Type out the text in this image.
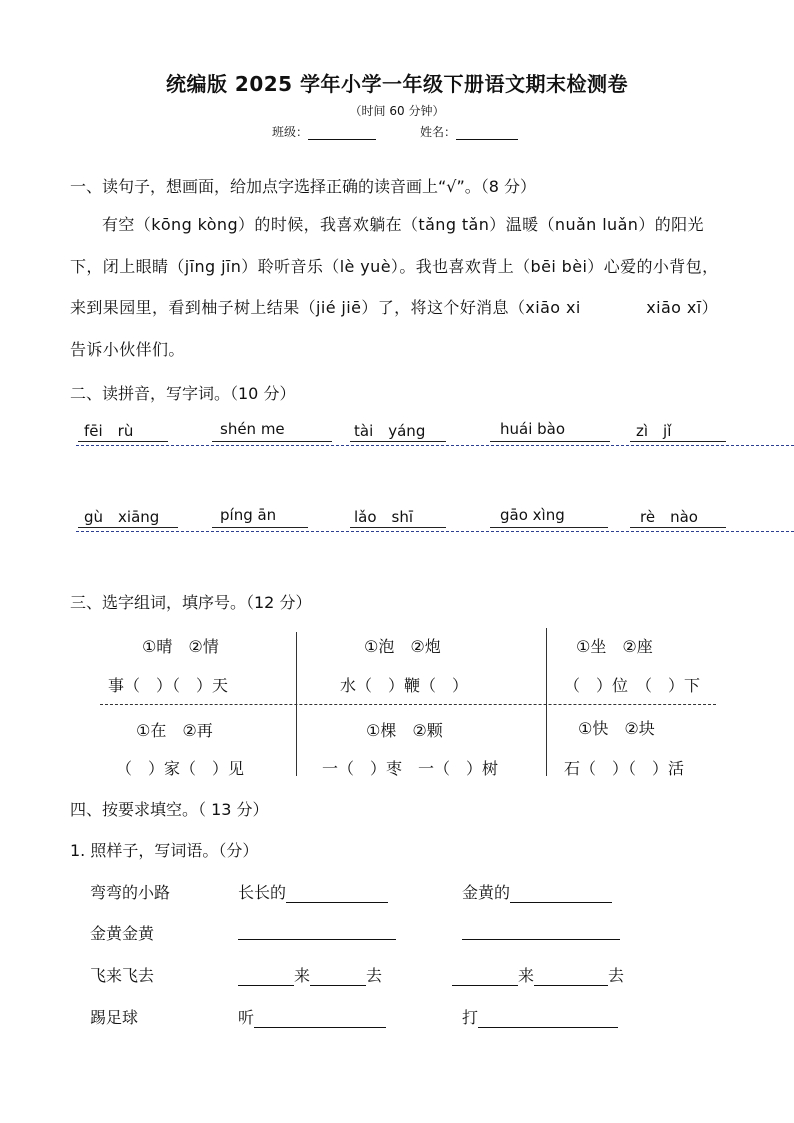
统编版 2025 学年小学一年级下册语文期末检测卷
（时间 60 分钟）
班级：	姓名：
一、读句子，想画面，给加点字选择正确的读音画上“√”。（8 分）
有空（kōng kòng）的时候，我喜欢躺在（tǎng tǎn）温暖（nuǎn luǎn）的阳光下，闭上眼睛（jīng jīn）聆听音乐（lè yuè）。我也喜欢背上（bēi bèi）心爱的小背包，来到果园里，看到柚子树上结果（jié jiē）了，将这个好消息（xiāo xi　　　　xiāo xī）告诉小伙伴们。
二、读拼音，写字词。（10 分）
fēi　rù	shén me	tài　yáng	huái bào	zì　jǐ
gù　xiāng	píng ān	lǎo　shī	gāo xìng	rè　nào
三、选字组词，填序号。（12 分）
①晴　②情
事（　）（　）天
①泡　②炮
水（　）鞭（　）
①坐　②座
（　）位　（　）下
①在　②再
（　）家（　）见
①棵　②颗
一（　）枣　一（　）树
①快　②块
石（　）（　）活
四、按要求填空。（ 13 分）
1. 照样子，写词语。（分）
弯弯的小路	长长的	金黄的
金黄金黄
飞来飞去	来	去	来	去
踢足球	听	打
